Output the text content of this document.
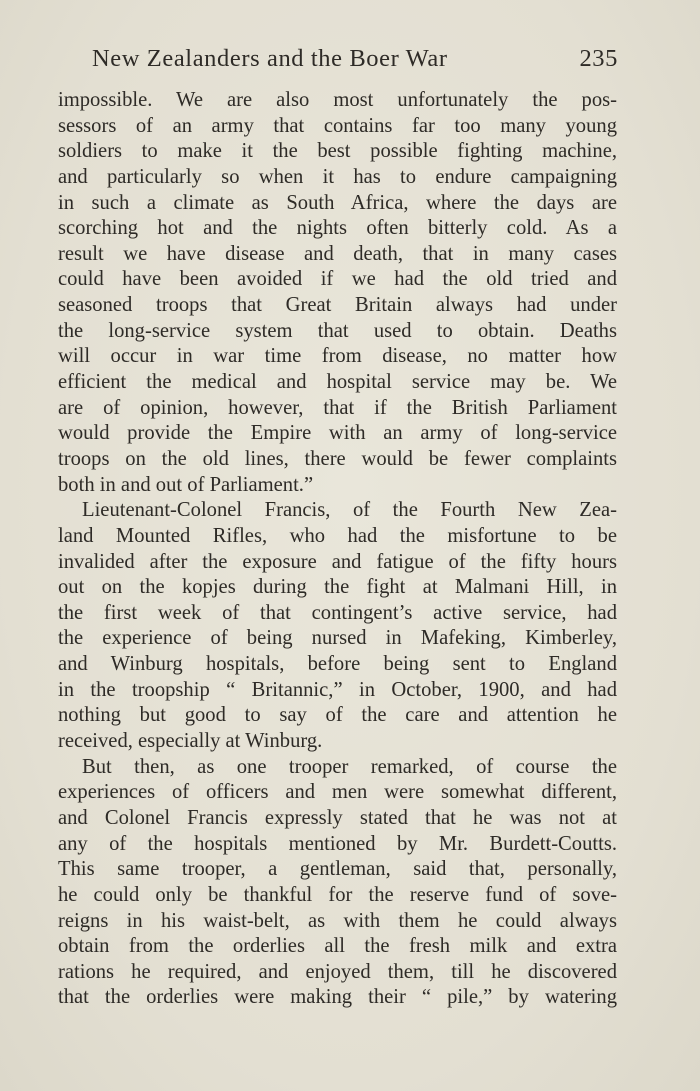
New Zealanders and the Boer War	235
impossible. We are also most unfortunately the pos-
sessors of an army that contains far too many young
soldiers to make it the best possible fighting machine,
and particularly so when it has to endure campaigning
in such a climate as South Africa, where the days are
scorching hot and the nights often bitterly cold. As a
result we have disease and death, that in many cases
could have been avoided if we had the old tried and
seasoned troops that Great Britain always had under
the long-service system that used to obtain. Deaths
will occur in war time from disease, no matter how
efficient the medical and hospital service may be. We
are of opinion, however, that if the British Parliament
would provide the Empire with an army of long-service
troops on the old lines, there would be fewer complaints
both in and out of Parliament.”
Lieutenant-Colonel Francis, of the Fourth New Zea-
land Mounted Rifles, who had the misfortune to be
invalided after the exposure and fatigue of the fifty hours
out on the kopjes during the fight at Malmani Hill, in
the first week of that contingent’s active service, had
the experience of being nursed in Mafeking, Kimberley,
and Winburg hospitals, before being sent to England
in the troopship “ Britannic,” in October, 1900, and had
nothing but good to say of the care and attention he
received, especially at Winburg.
But then, as one trooper remarked, of course the
experiences of officers and men were somewhat different,
and Colonel Francis expressly stated that he was not at
any of the hospitals mentioned by Mr. Burdett-Coutts.
This same trooper, a gentleman, said that, personally,
he could only be thankful for the reserve fund of sove-
reigns in his waist-belt, as with them he could always
obtain from the orderlies all the fresh milk and extra
rations he required, and enjoyed them, till he discovered
that the orderlies were making their “ pile,” by watering
